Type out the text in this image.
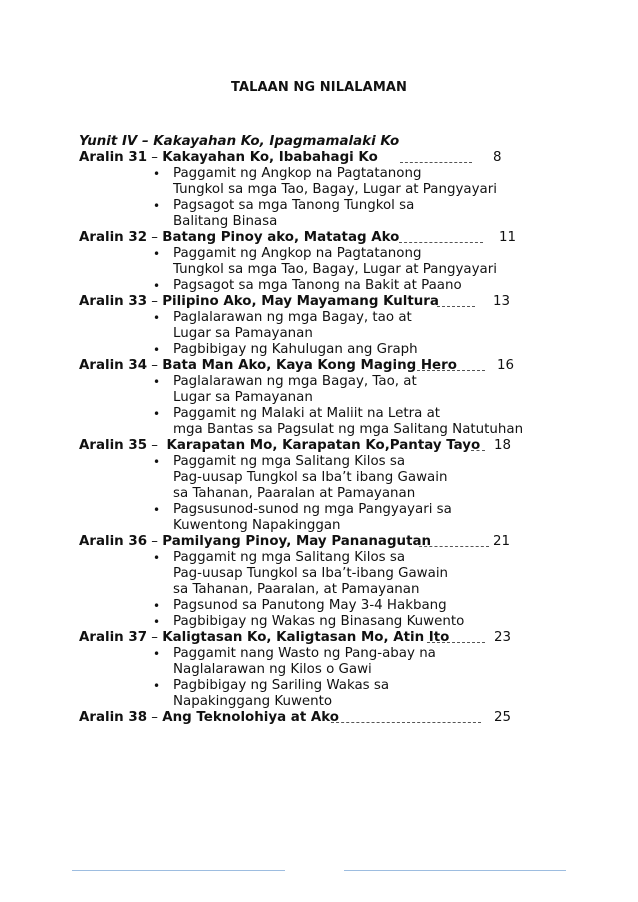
TALAAN NG NILALAMAN
Yunit IV – Kakayahan Ko, Ipagmamalaki Ko
Aralin 31 – Kakayahan Ko, Ibabahagi Ko	8
• Paggamit ng Angkop na Pagtatanong
Tungkol sa mga Tao, Bagay, Lugar at Pangyayari
• Pagsagot sa mga Tanong Tungkol sa
Balitang Binasa
Aralin 32 – Batang Pinoy ako, Matatag Ako	11
• Paggamit ng Angkop na Pagtatanong
Tungkol sa mga Tao, Bagay, Lugar at Pangyayari
• Pagsagot sa mga Tanong na Bakit at Paano
Aralin 33 – Pilipino Ako, May Mayamang Kultura	13
• Paglalarawan ng mga Bagay, tao at
Lugar sa Pamayanan
• Pagbibigay ng Kahulugan ang Graph
Aralin 34 – Bata Man Ako, Kaya Kong Maging Hero	16
• Paglalarawan ng mga Bagay, Tao, at
Lugar sa Pamayanan
• Paggamit ng Malaki at Maliit na Letra at
mga Bantas sa Pagsulat ng mga Salitang Natutuhan
Aralin 35 –  Karapatan Mo, Karapatan Ko,Pantay Tayo 18
• Paggamit ng mga Salitang Kilos sa
Pag-uusap Tungkol sa Iba’t ibang Gawain
sa Tahanan, Paaralan at Pamayanan
• Pagsusunod-sunod ng mga Pangyayari sa
Kuwentong Napakinggan
Aralin 36 – Pamilyang Pinoy, May Pananagutan	21
• Paggamit ng mga Salitang Kilos sa
Pag-uusap Tungkol sa Iba’t-ibang Gawain
sa Tahanan, Paaralan, at Pamayanan
• Pagsunod sa Panutong May 3-4 Hakbang
• Pagbibigay ng Wakas ng Binasang Kuwento
Aralin 37 – Kaligtasan Ko, Kaligtasan Mo, Atin Ito	23
• Paggamit nang Wasto ng Pang-abay na
Naglalarawan ng Kilos o Gawi
• Pagbibigay ng Sariling Wakas sa
Napakinggang Kuwento
Aralin 38 – Ang Teknolohiya at Ako	25
